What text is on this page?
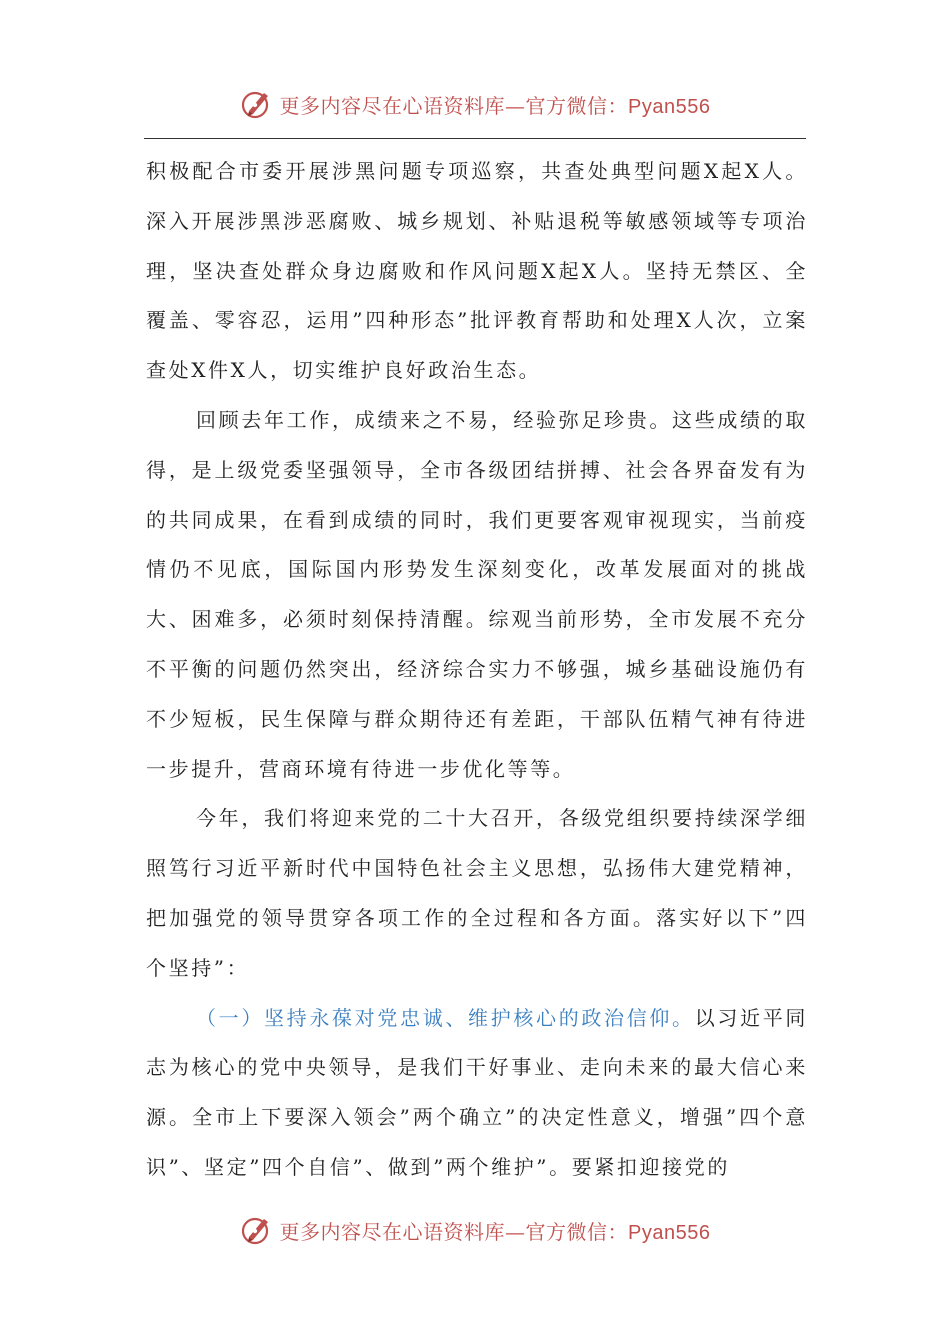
更多内容尽在心语资料库—官方微信：Pyan556

积极配合市委开展涉黑问题专项巡察，共查处典型问题X起X人。深入开展涉黑涉恶腐败、城乡规划、补贴退税等敏感领域等专项治理，坚决查处群众身边腐败和作风问题X起X人。坚持无禁区、全覆盖、零容忍，运用”四种形态”批评教育帮助和处理X人次，立案查处X件X人，切实维护良好政治生态。

回顾去年工作，成绩来之不易，经验弥足珍贵。这些成绩的取得，是上级党委坚强领导，全市各级团结拼搏、社会各界奋发有为的共同成果，在看到成绩的同时，我们更要客观审视现实，当前疫情仍不见底，国际国内形势发生深刻变化，改革发展面对的挑战大、困难多，必须时刻保持清醒。综观当前形势，全市发展不充分不平衡的问题仍然突出，经济综合实力不够强，城乡基础设施仍有不少短板，民生保障与群众期待还有差距，干部队伍精气神有待进一步提升，营商环境有待进一步优化等等。

今年，我们将迎来党的二十大召开，各级党组织要持续深学细照笃行习近平新时代中国特色社会主义思想，弘扬伟大建党精神，把加强党的领导贯穿各项工作的全过程和各方面。落实好以下”四个坚持”：

（一）坚持永葆对党忠诚、维护核心的政治信仰。以习近平同志为核心的党中央领导，是我们干好事业、走向未来的最大信心来源。全市上下要深入领会”两个确立”的决定性意义，增强”四个意识”、坚定”四个自信”、做到”两个维护”。要紧扣迎接党的

更多内容尽在心语资料库—官方微信：Pyan556
